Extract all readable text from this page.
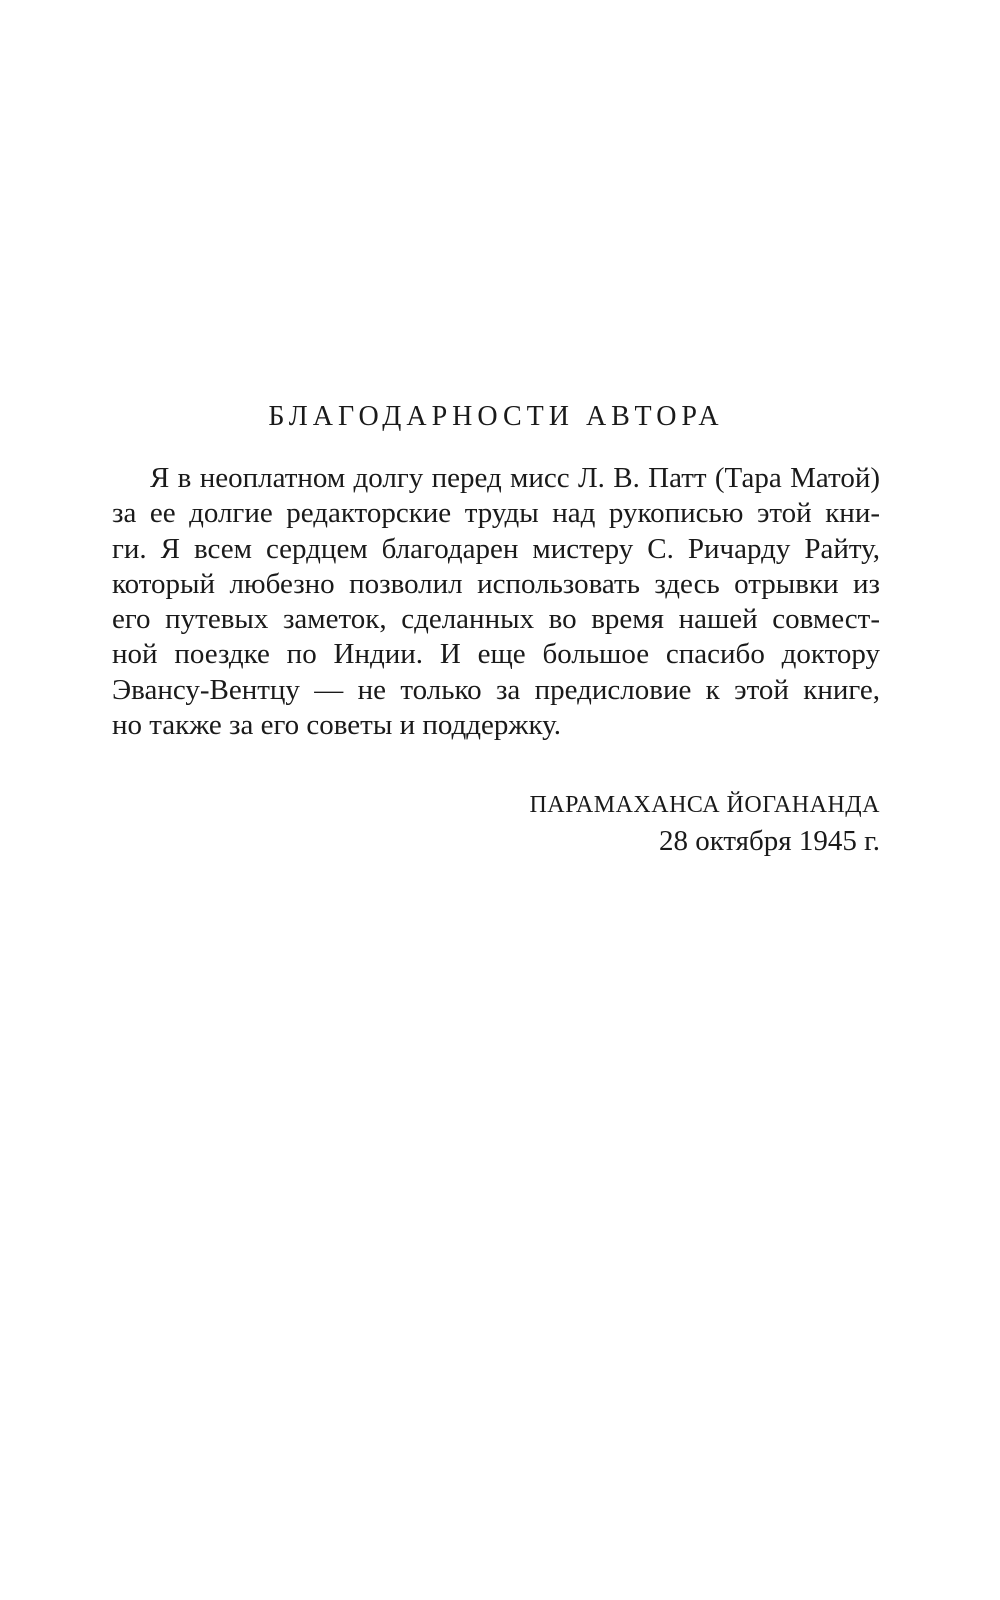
БЛАГОДАРНОСТИ АВТОРА
Я в неоплатном долгу перед мисс Л. В. Патт (Тара Матой)
за ее долгие редакторские труды над рукописью этой кни-
ги. Я всем сердцем благодарен мистеру С. Ричарду Райту,
который любезно позволил использовать здесь отрывки из
его путевых заметок, сделанных во время нашей совмест-
ной поездке по Индии. И еще большое спасибо доктору
Эвансу-Вентцу — не только за предисловие к этой книге,
но также за его советы и поддержку.
ПАРАМАХАНСА ЙОГАНАНДА
28 октября 1945 г.
